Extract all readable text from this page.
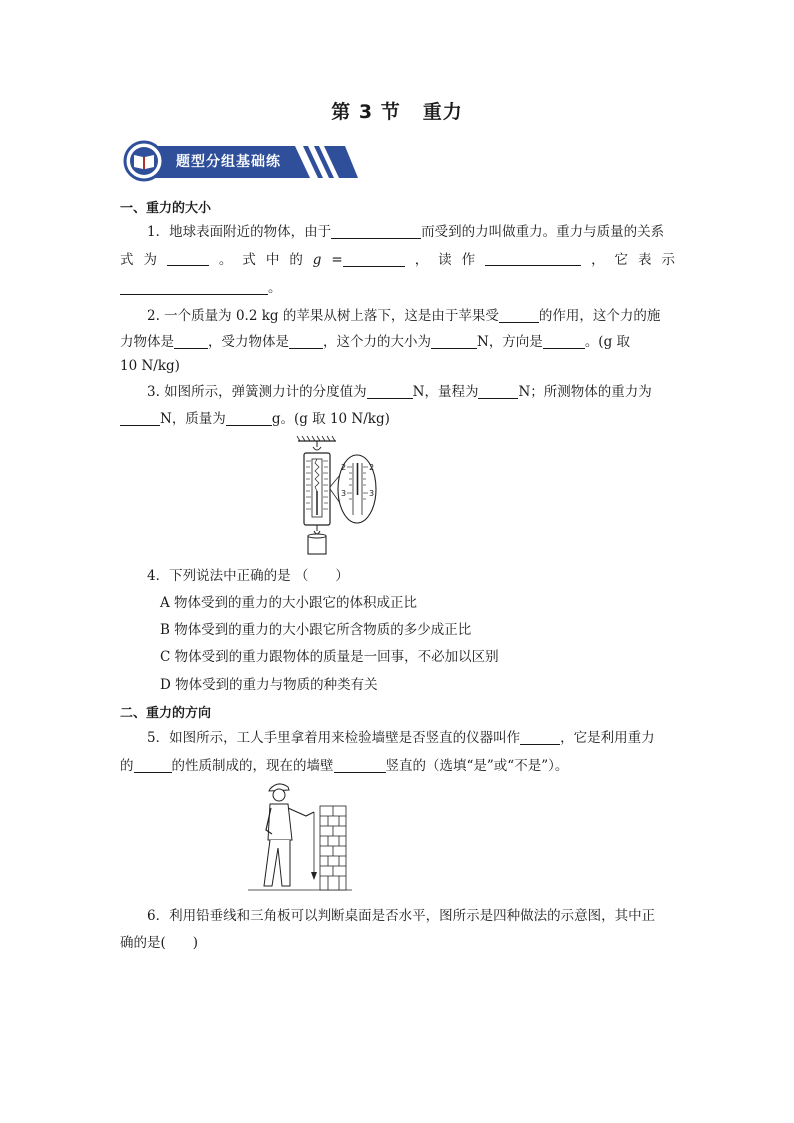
第 3 节 重力
题型分组基础练
一、重力的大小
1．地球表面附近的物体，由于	而受到的力叫做重力。重力与质量的关系
式 为	。 式 中 的 g =	， 读 作	， 它 表 示
。
2. 一个质量为 0.2 kg 的苹果从树上落下，这是由于苹果受	的作用，这个力的施
力物体是	，受力物体是	，这个力的大小为	N，方向是	。(g 取
10 N/kg)
3. 如图所示，弹簧测力计的分度值为	N，量程为	N；所测物体的重力为
N，质量为	g。(g 取 10 N/kg)
2	2
3	3
4．下列说法中正确的是 （　　）
A 物体受到的重力的大小跟它的体积成正比
B 物体受到的重力的大小跟它所含物质的多少成正比
C 物体受到的重力跟物体的质量是一回事，不必加以区别
D 物体受到的重力与物质的种类有关
二、重力的方向
5．如图所示，工人手里拿着用来检验墙壁是否竖直的仪器叫作	，它是利用重力
的	的性质制成的，现在的墙壁	竖直的（选填“是”或“不是”）。
6．利用铅垂线和三角板可以判断桌面是否水平，图所示是四种做法的示意图，其中正
确的是(　　)
